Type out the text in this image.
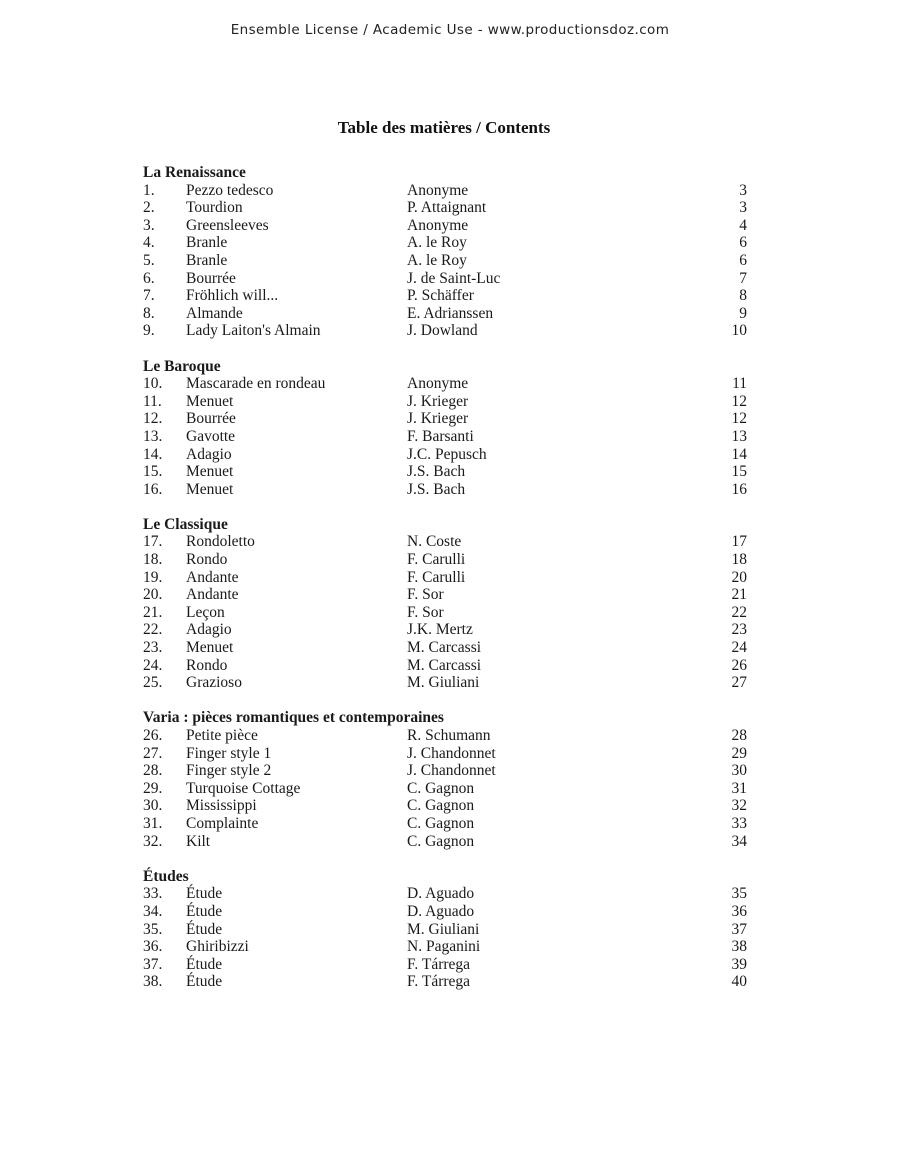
Ensemble License / Academic Use - www.productionsdoz.com
Table des matières / Contents
La Renaissance
1. Pezzo tedesco	Anonyme	3
2. Tourdion	P. Attaignant	3
3. Greensleeves	Anonyme	4
4. Branle	A. le Roy	6
5. Branle	A. le Roy	6
6. Bourrée	J. de Saint-Luc	7
7. Fröhlich will...	P. Schäffer	8
8. Almande	E. Adrianssen	9
9. Lady Laiton's Almain	J. Dowland	10
Le Baroque
10. Mascarade en rondeau	Anonyme	11
11. Menuet	J. Krieger	12
12. Bourrée	J. Krieger	12
13. Gavotte	F. Barsanti	13
14. Adagio	J.C. Pepusch	14
15. Menuet	J.S. Bach	15
16. Menuet	J.S. Bach	16
Le Classique
17. Rondoletto	N. Coste	17
18. Rondo	F. Carulli	18
19. Andante	F. Carulli	20
20. Andante	F. Sor	21
21. Leçon	F. Sor	22
22. Adagio	J.K. Mertz	23
23. Menuet	M. Carcassi	24
24. Rondo	M. Carcassi	26
25. Grazioso	M. Giuliani	27
Varia : pièces romantiques et contemporaines
26. Petite pièce	R. Schumann	28
27. Finger style 1	J. Chandonnet	29
28. Finger style 2	J. Chandonnet	30
29. Turquoise Cottage	C. Gagnon	31
30. Mississippi	C. Gagnon	32
31. Complainte	C. Gagnon	33
32. Kilt	C. Gagnon	34
Études
33. Étude	D. Aguado	35
34. Étude	D. Aguado	36
35. Étude	M. Giuliani	37
36. Ghiribizzi	N. Paganini	38
37. Étude	F. Tárrega	39
38. Étude	F. Tárrega	40
